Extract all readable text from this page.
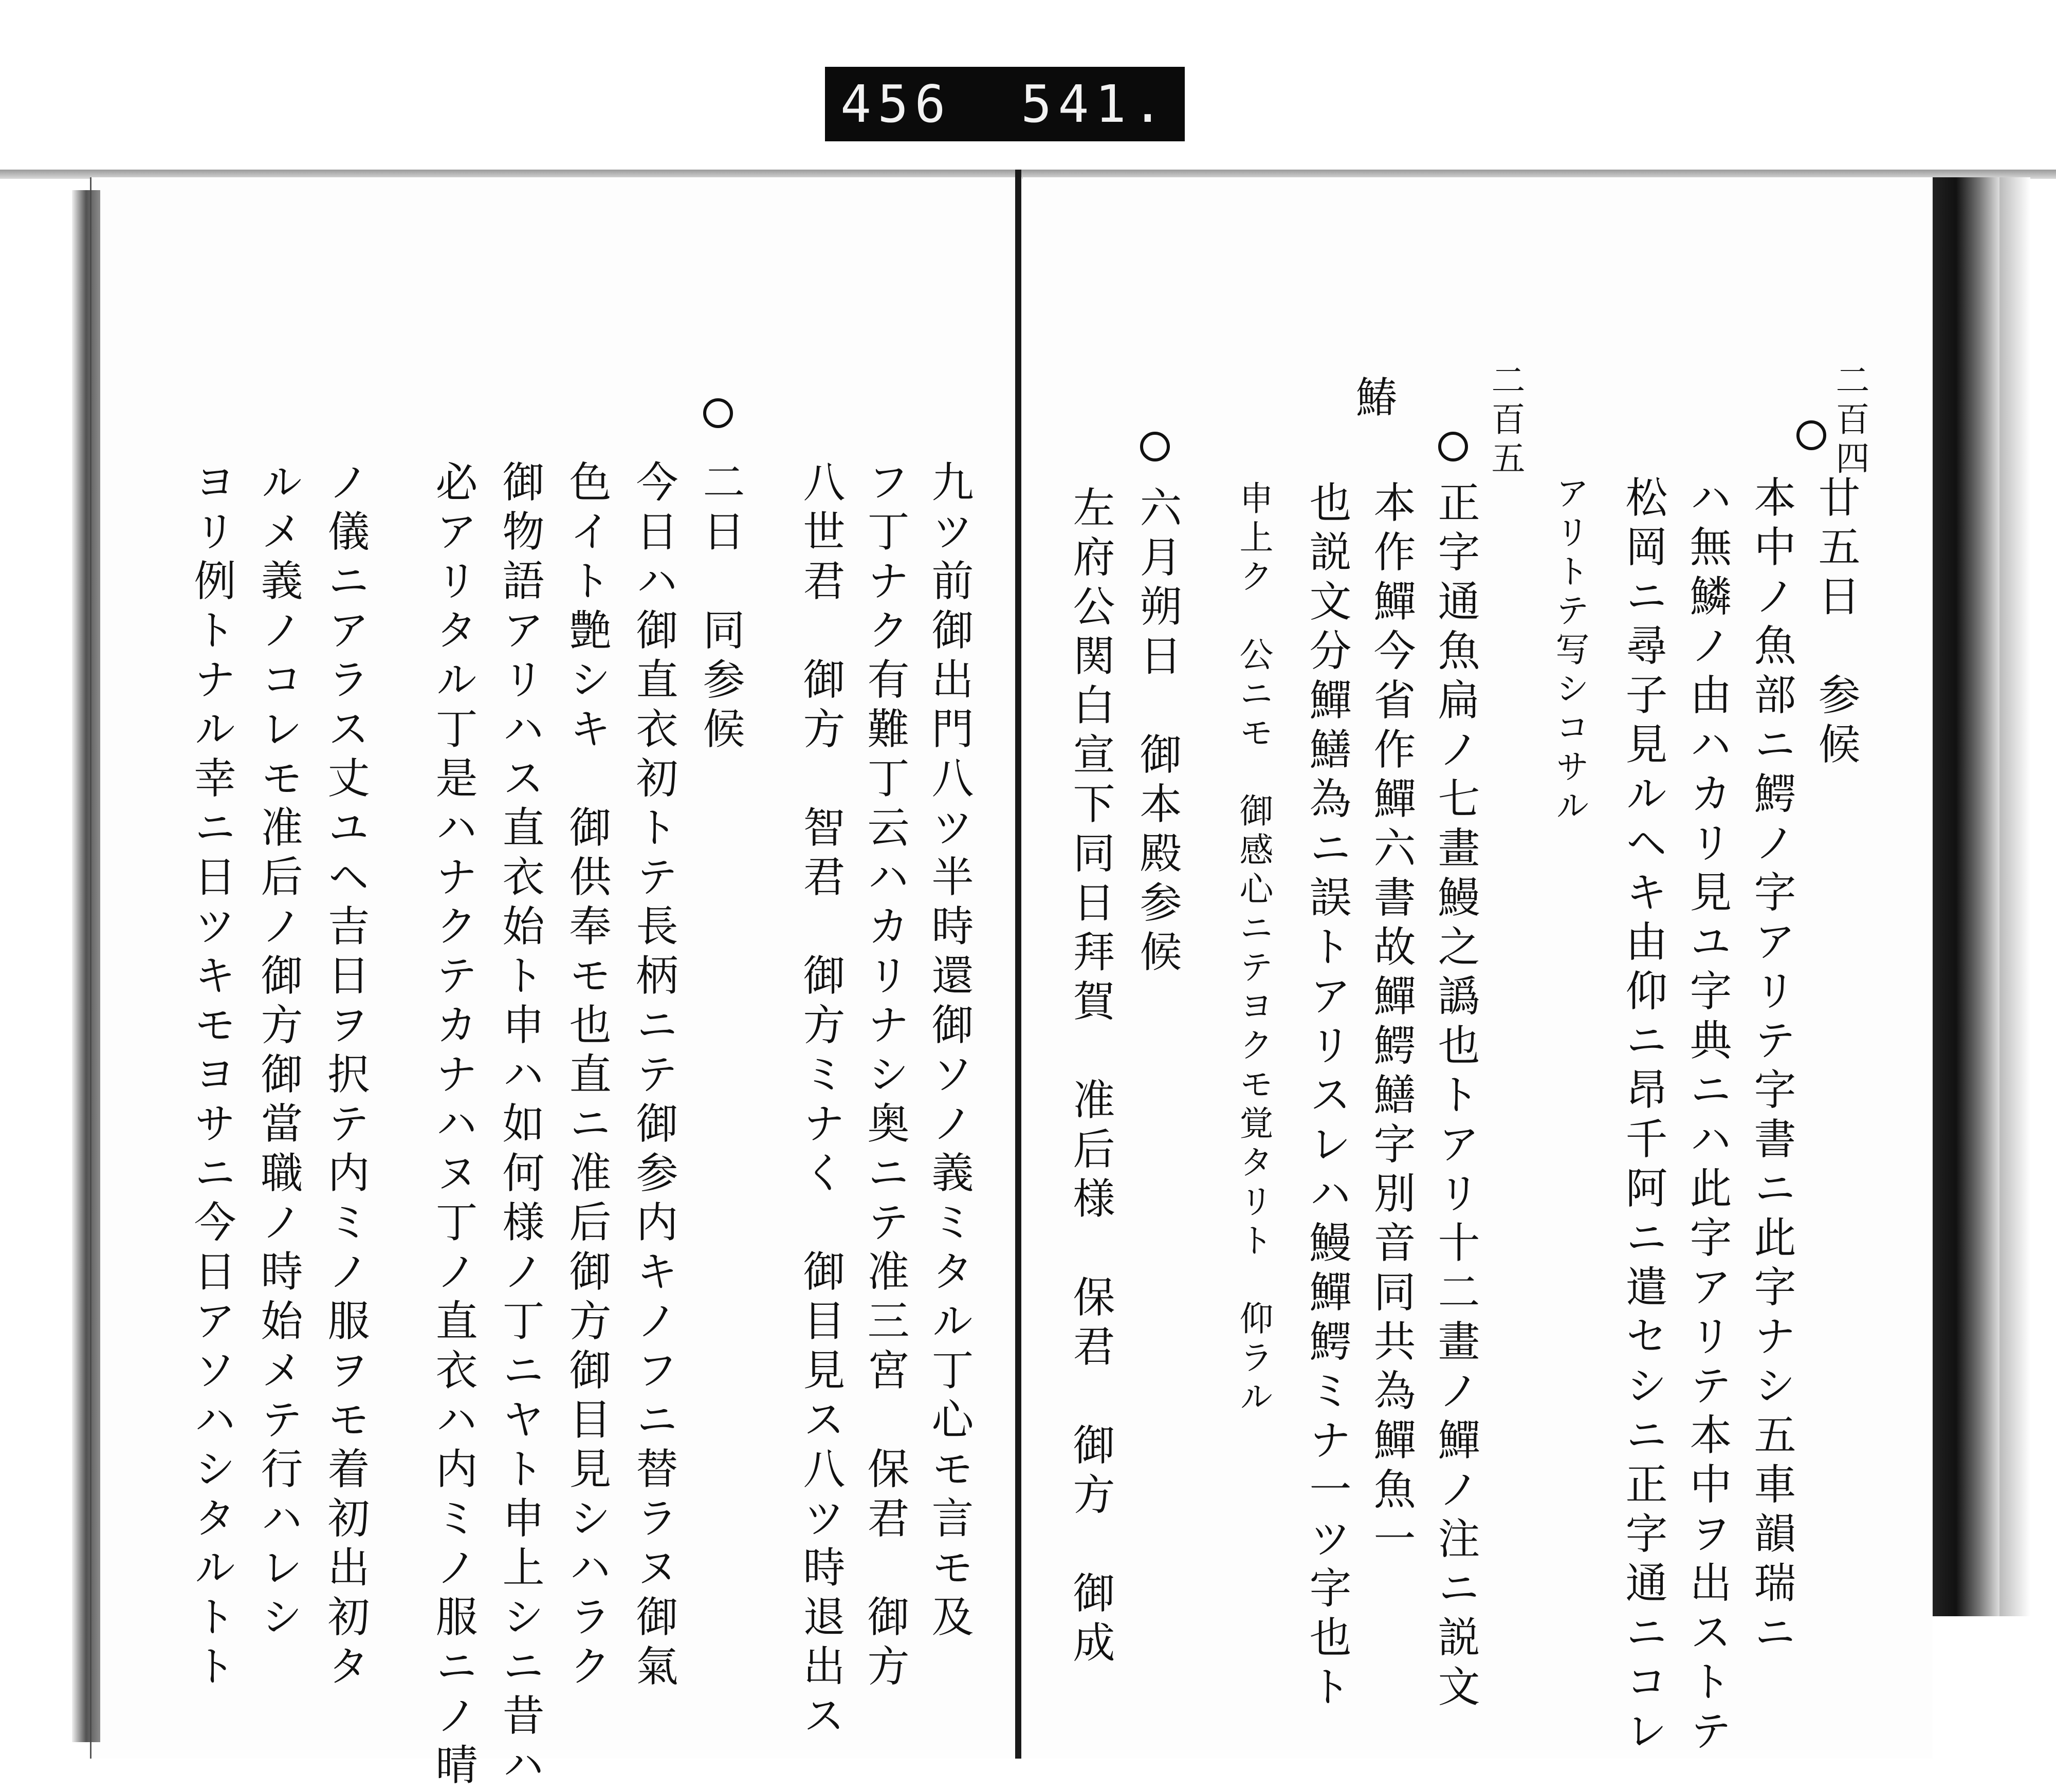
456 541.
二百四
廿五日　参候
本中ノ魚部ニ鰐ノ字アリテ字書ニ此字ナシ五車韻瑞ニ
ハ無鱗ノ由ハカリ見ユ字典ニハ此字アリテ本中ヲ出ストテ
松岡ニ尋子見ルヘキ由仰ニ昂千阿ニ遣セシニ正字通ニコレ
アリトテ写シコサル
二百五
鰆
正字通魚扁ノ七畫鰻之譌也トアリ十二畫ノ鱓ノ注ニ説文
本作鱓今省作鱓六書故鱓鰐鱔字別音同共為鱓魚一
也説文分鱓鱔為ニ誤トアリスレハ鰻鱓鰐ミナ一ツ字也ト
申上ク　公ニモ　御感心ニテヨクモ覚タリト　仰ラル
六月朔日　御本殿参候
左府公関白宣下同日拜賀　准后様　保君　御方　御成
九ツ前御出門八ツ半時還御ソノ義ミタル丁心モ言モ及
フ丁ナク有難丁云ハカリナシ奥ニテ准三宮　保君　御方
八世君　御方　智君　御方ミナく　御目見ス八ツ時退出ス
二日　同参候
今日ハ御直衣初トテ長柄ニテ御参内キノフニ替ラヌ御氣
色イト艶シキ　御供奉モ也直ニ准后御方御目見シハラク
御物語アリハス直衣始ト申ハ如何様ノ丁ニヤト申上シニ昔ハ
必アリタル丁是ハナクテカナハヌ丁ノ直衣ハ内ミノ服ニノ晴
ノ儀ニアラス丈ユヘ吉日ヲ択テ内ミノ服ヲモ着初出初タ
ルメ義ノコレモ准后ノ御方御當職ノ時始メテ行ハレシ
ヨリ例トナル幸ニ日ツキモヨサニ今日アソハシタルトト
